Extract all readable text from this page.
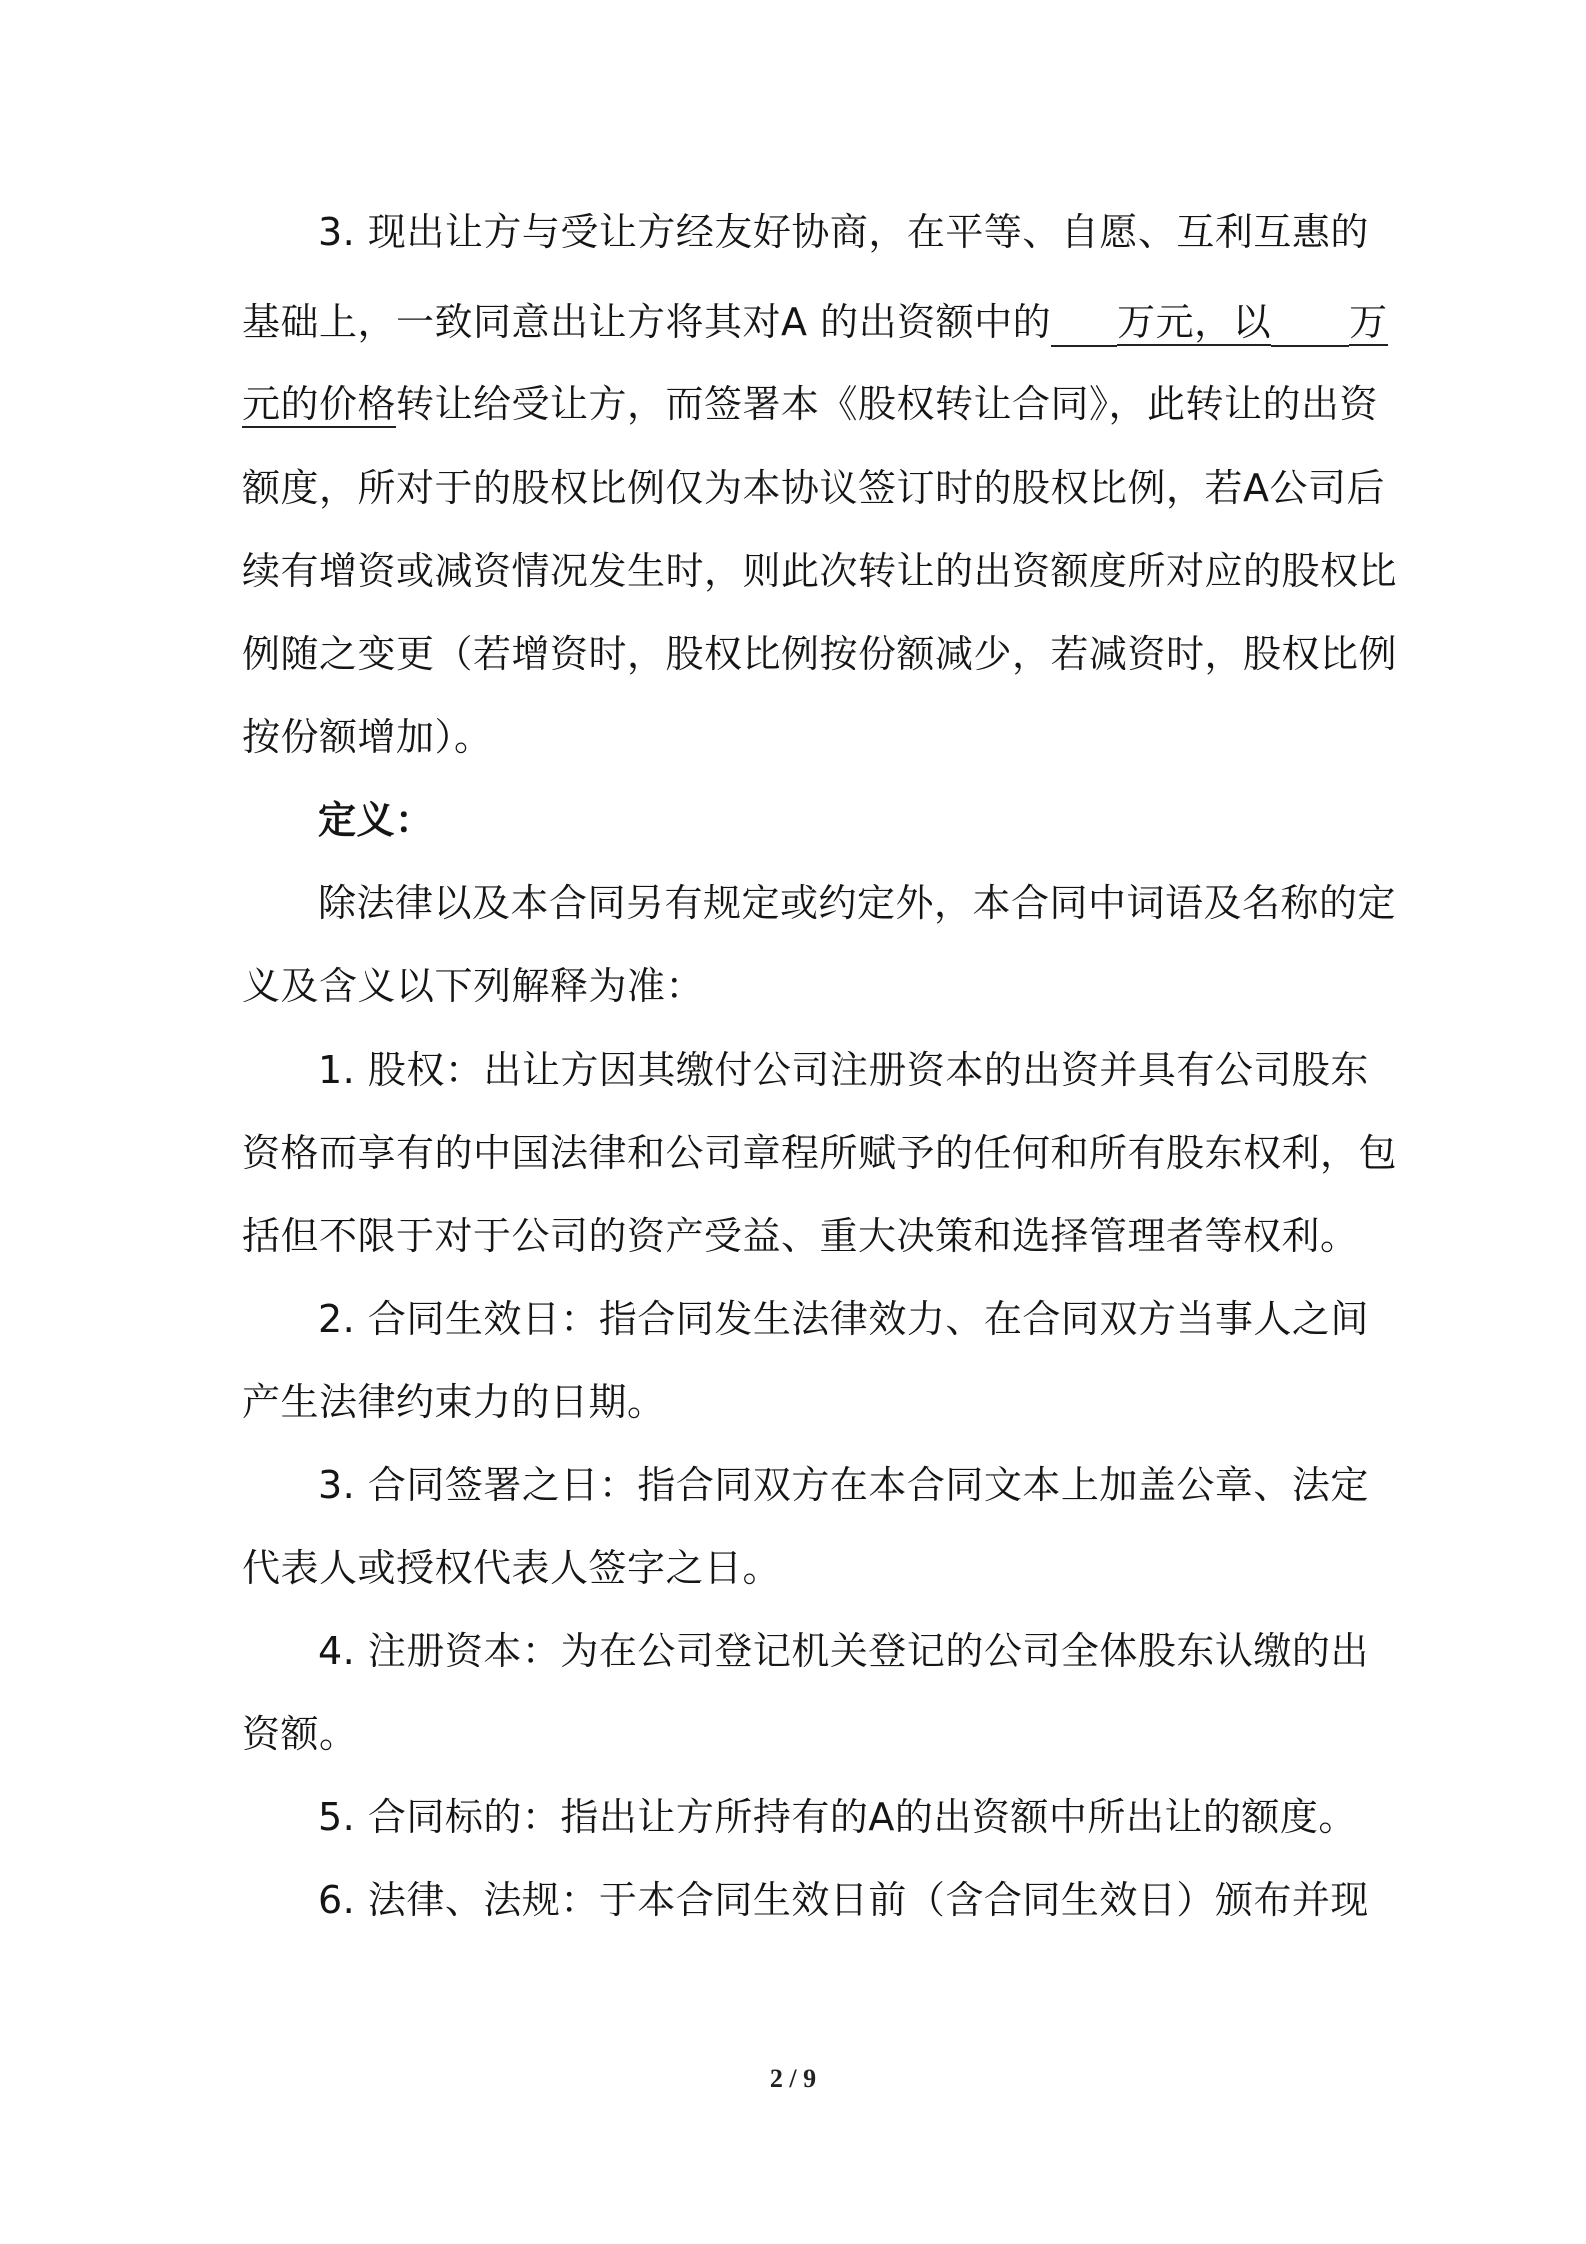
3. 现出让方与受让方经友好协商，在平等、自愿、互利互惠的
基础上，一致同意出让方将其对A 的出资额中的 万元，以 万
元的价格转让给受让方，而签署本《股权转让合同》，此转让的出资
额度，所对于的股权比例仅为本协议签订时的股权比例，若A公司后
续有增资或减资情况发生时，则此次转让的出资额度所对应的股权比
例随之变更（若增资时，股权比例按份额减少，若减资时，股权比例
按份额增加）。
定义：
除法律以及本合同另有规定或约定外，本合同中词语及名称的定
义及含义以下列解释为准：
1. 股权：出让方因其缴付公司注册资本的出资并具有公司股东
资格而享有的中国法律和公司章程所赋予的任何和所有股东权利，包
括但不限于对于公司的资产受益、重大决策和选择管理者等权利。
2. 合同生效日：指合同发生法律效力、在合同双方当事人之间
产生法律约束力的日期。
3. 合同签署之日：指合同双方在本合同文本上加盖公章、法定
代表人或授权代表人签字之日。
4. 注册资本：为在公司登记机关登记的公司全体股东认缴的出
资额。
5. 合同标的：指出让方所持有的A的出资额中所出让的额度。
6. 法律、法规：于本合同生效日前（含合同生效日）颁布并现
2 / 9
